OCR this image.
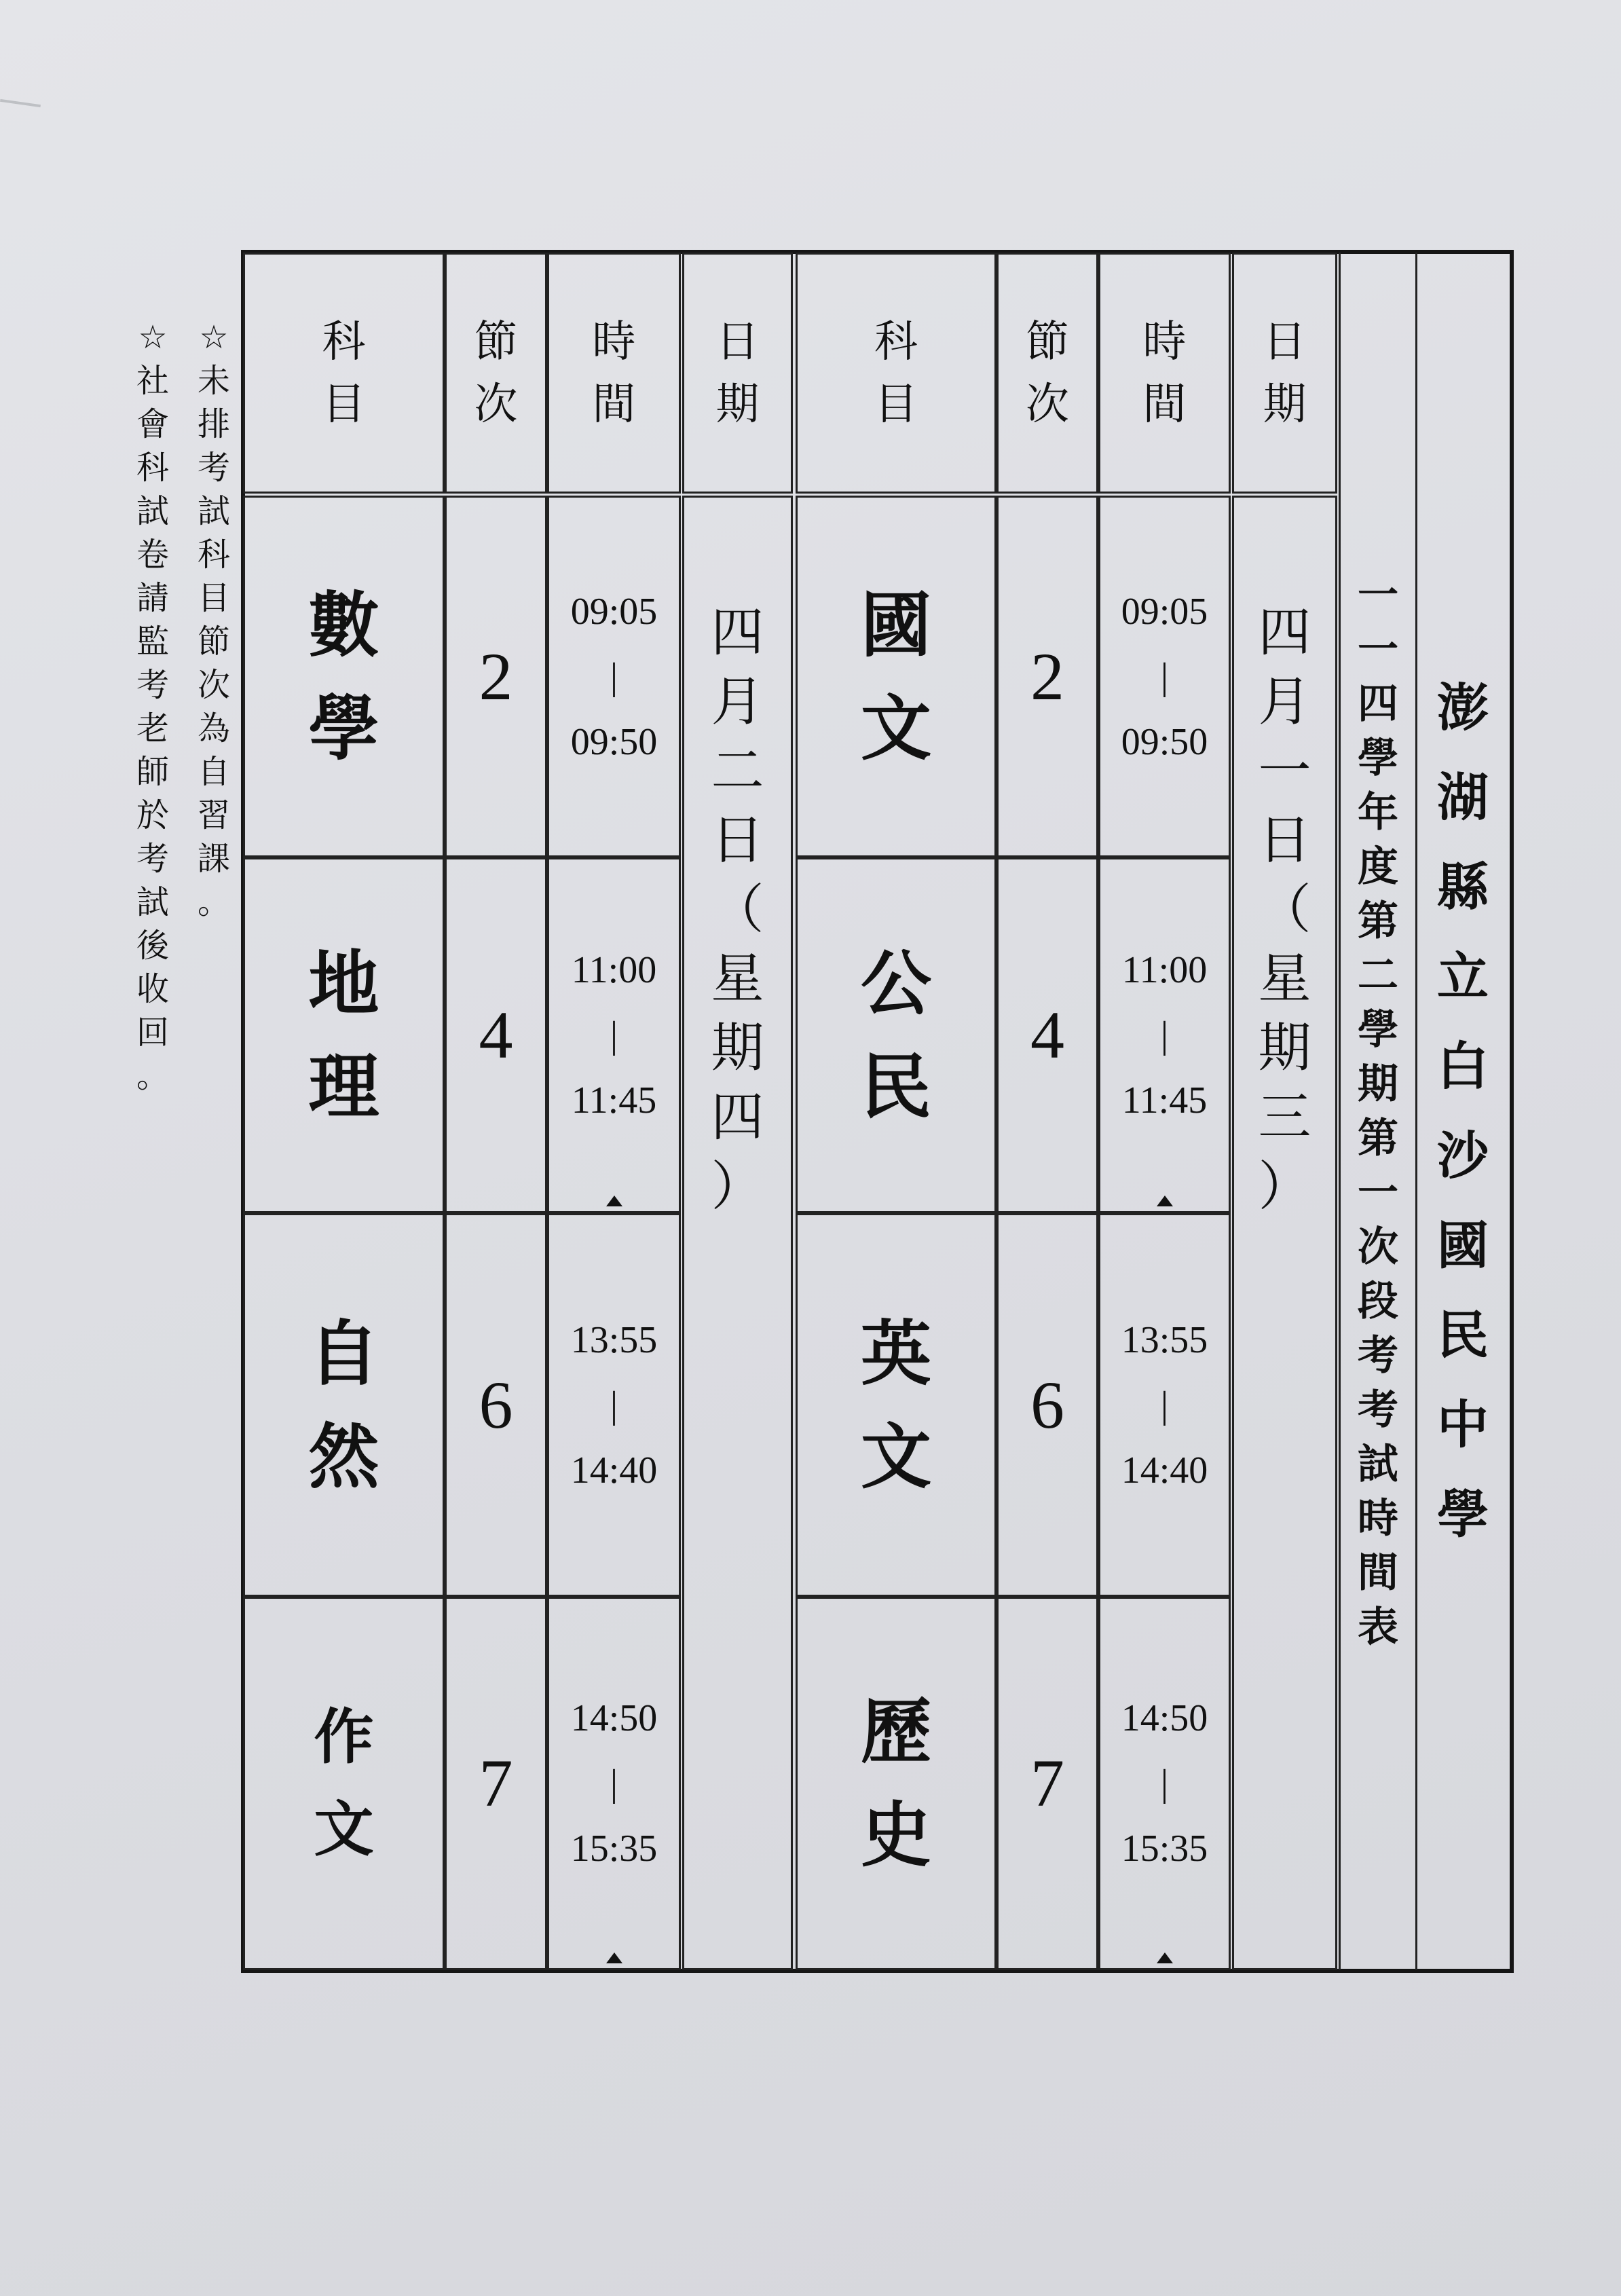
澎
湖
縣
立
白
沙
國
民
中
學
一
一
四
學
年
度
第
二
學
期
第
一
次
段
考
考
試
時
間
表
日
期
時
間
節
次
科
目
四
月
一
日
（
星
期
三
）
國
文
2
09:05
|
09:50
公
民
4
11:00
|
11:45
英
文
6
13:55
|
14:40
歷
史
7
14:50
|
15:35
日
期
時
間
節
次
科
目
四
月
二
日
（
星
期
四
）
數
學
2
09:05
|
09:50
地
理
4
11:00
|
11:45
自
然
6
13:55
|
14:40
作
文
7
14:50
|
15:35
☆
未
排
考
試
科
目
節
次
為
自
習
課
。
☆
社
會
科
試
卷
請
監
考
老
師
於
考
試
後
收
回
。
